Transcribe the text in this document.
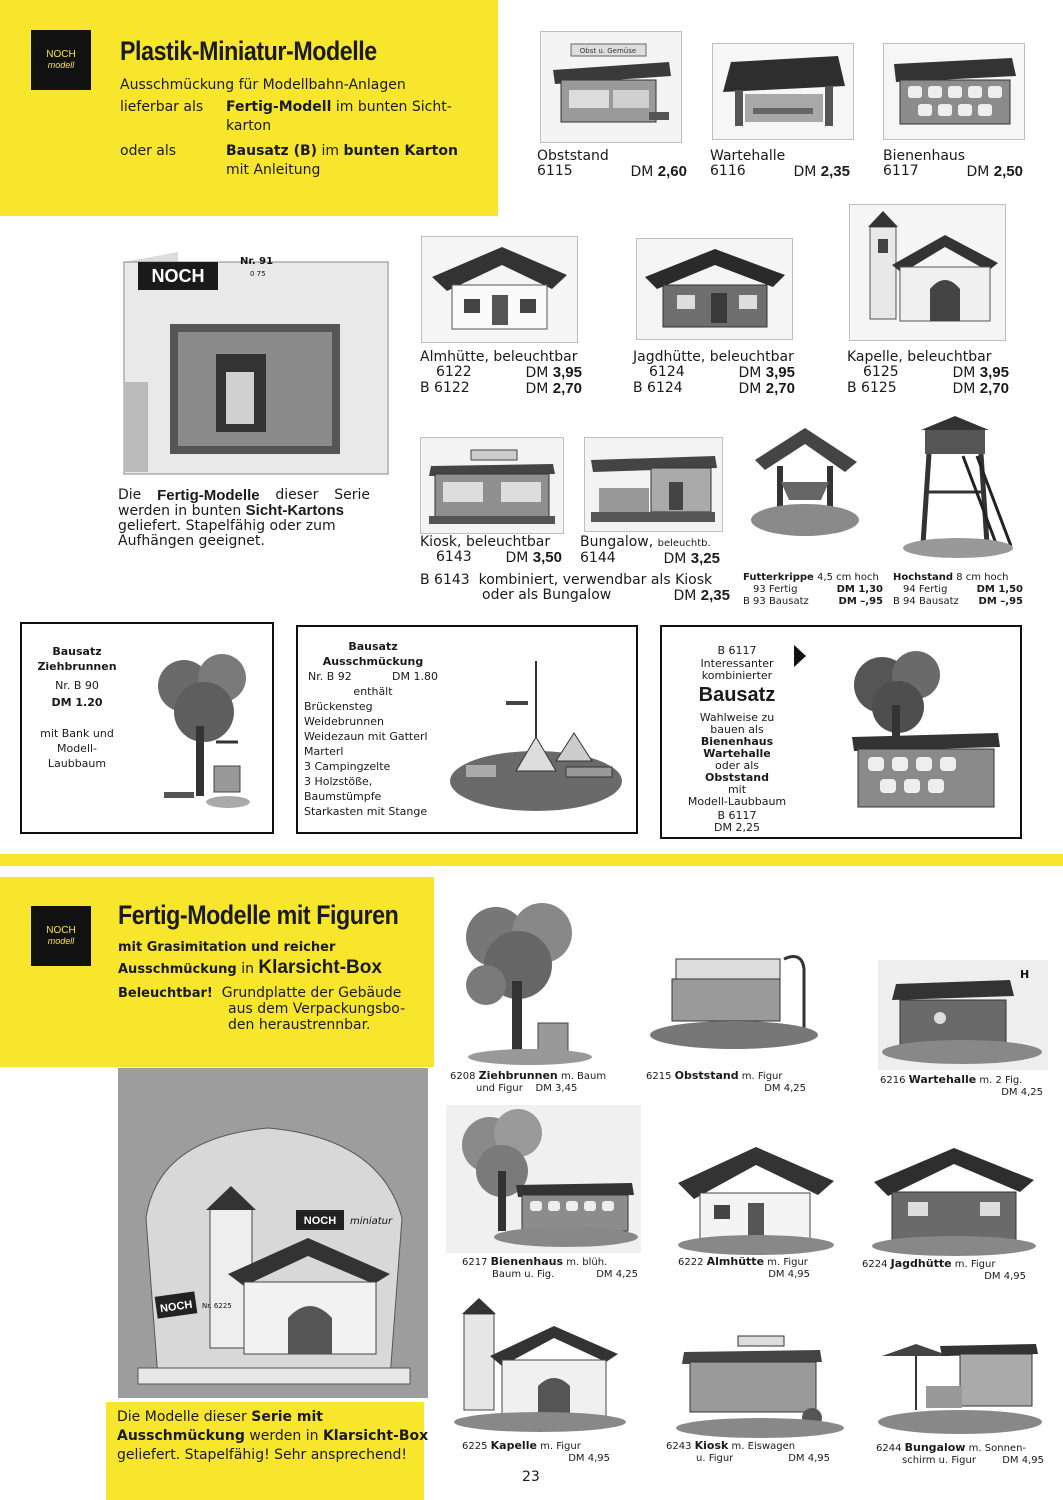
NOCH
modell Plastik-Miniatur-Modelle
Ausschmückung für Modellbahn-Anlagen
lieferbar als Fertig-Modell im bunten Sicht-
karton
oder als	Bausatz (B) im bunten Karton
mit Anleitung
Obst u. Gemüse
Obststand
6115	DM 2,60
Wartehalle
6116	DM 2,35
Bienenhaus
6117	DM 2,50
NOCH
Nr. 91
0 75
Die Fertig-Modelle dieser Serie
werden in bunten Sicht-Kartons
geliefert. Stapelfähig oder zum
Aufhängen geeignet.
Almhütte, beleuchtbar
6122	DM 3,95
B 6122	DM 2,70
Jagdhütte, beleuchtbar
6124	DM 3,95
B 6124	DM 2,70
Kapelle, beleuchtbar
6125	DM 3,95
B 6125	DM 2,70
Kiosk, beleuchtbar
6143 DM 3,50
Bungalow, beleuchtb.
6144	DM 3,25
B 6143 kombiniert, verwendbar als Kiosk
oder als Bungalow	DM 2,35
Futterkrippe 4,5 cm hoch
93 Fertig	DM 1,30
B 93 Bausatz	DM –,95
Hochstand 8 cm hoch
94 Fertig	DM 1,50
B 94 Bausatz DM –,95
Bausatz
Ziehbrunnen
Nr. B 90
DM 1.20
mit Bank und
Modell-
Laubbaum
Bausatz
Ausschmückung
Nr. B 92	DM 1.80
enthält
Brückensteg
Weidebrunnen
Weidezaun mit Gatterl
Marterl
3 Campingzelte
3 Holzstöße,
Baumstümpfe
Starkasten mit Stange
B 6117
Interessanter
kombinierter
Bausatz
Wahlweise zu
bauen als
Bienenhaus
Wartehalle
oder als
Obststand
mit
Modell-Laubbaum
B 6117
DM 2,25
NOCH
modell
Fertig-Modelle mit Figuren
mit Grasimitation und reicher
Ausschmückung in Klarsicht-Box
Beleuchtbar! Grundplatte der Gebäude
aus dem Verpackungsbo-
den heraustrennbar.
NOCH miniatur
NOCH Nr. 6225
Die Modelle dieser Serie mit
Ausschmückung werden in Klarsicht-Box
geliefert. Stapelfähig! Sehr ansprechend!
H
6208 Ziehbrunnen m. Baum
und Figur DM 3,45
6215 Obststand m. Figur
DM 4,25
6216 Wartehalle m. 2 Fig.
DM 4,25
6217 Bienenhaus m. blüh.
Baum u. Fig.	DM 4,25
6222 Almhütte m. Figur
DM 4,95
6224 Jagdhütte m. Figur
DM 4,95
6225 Kapelle m. Figur
DM 4,95
6243 Kiosk m. Eiswagen
u. Figur	DM 4,95
6244 Bungalow m. Sonnen-
schirm u. Figur	DM 4,95
23
